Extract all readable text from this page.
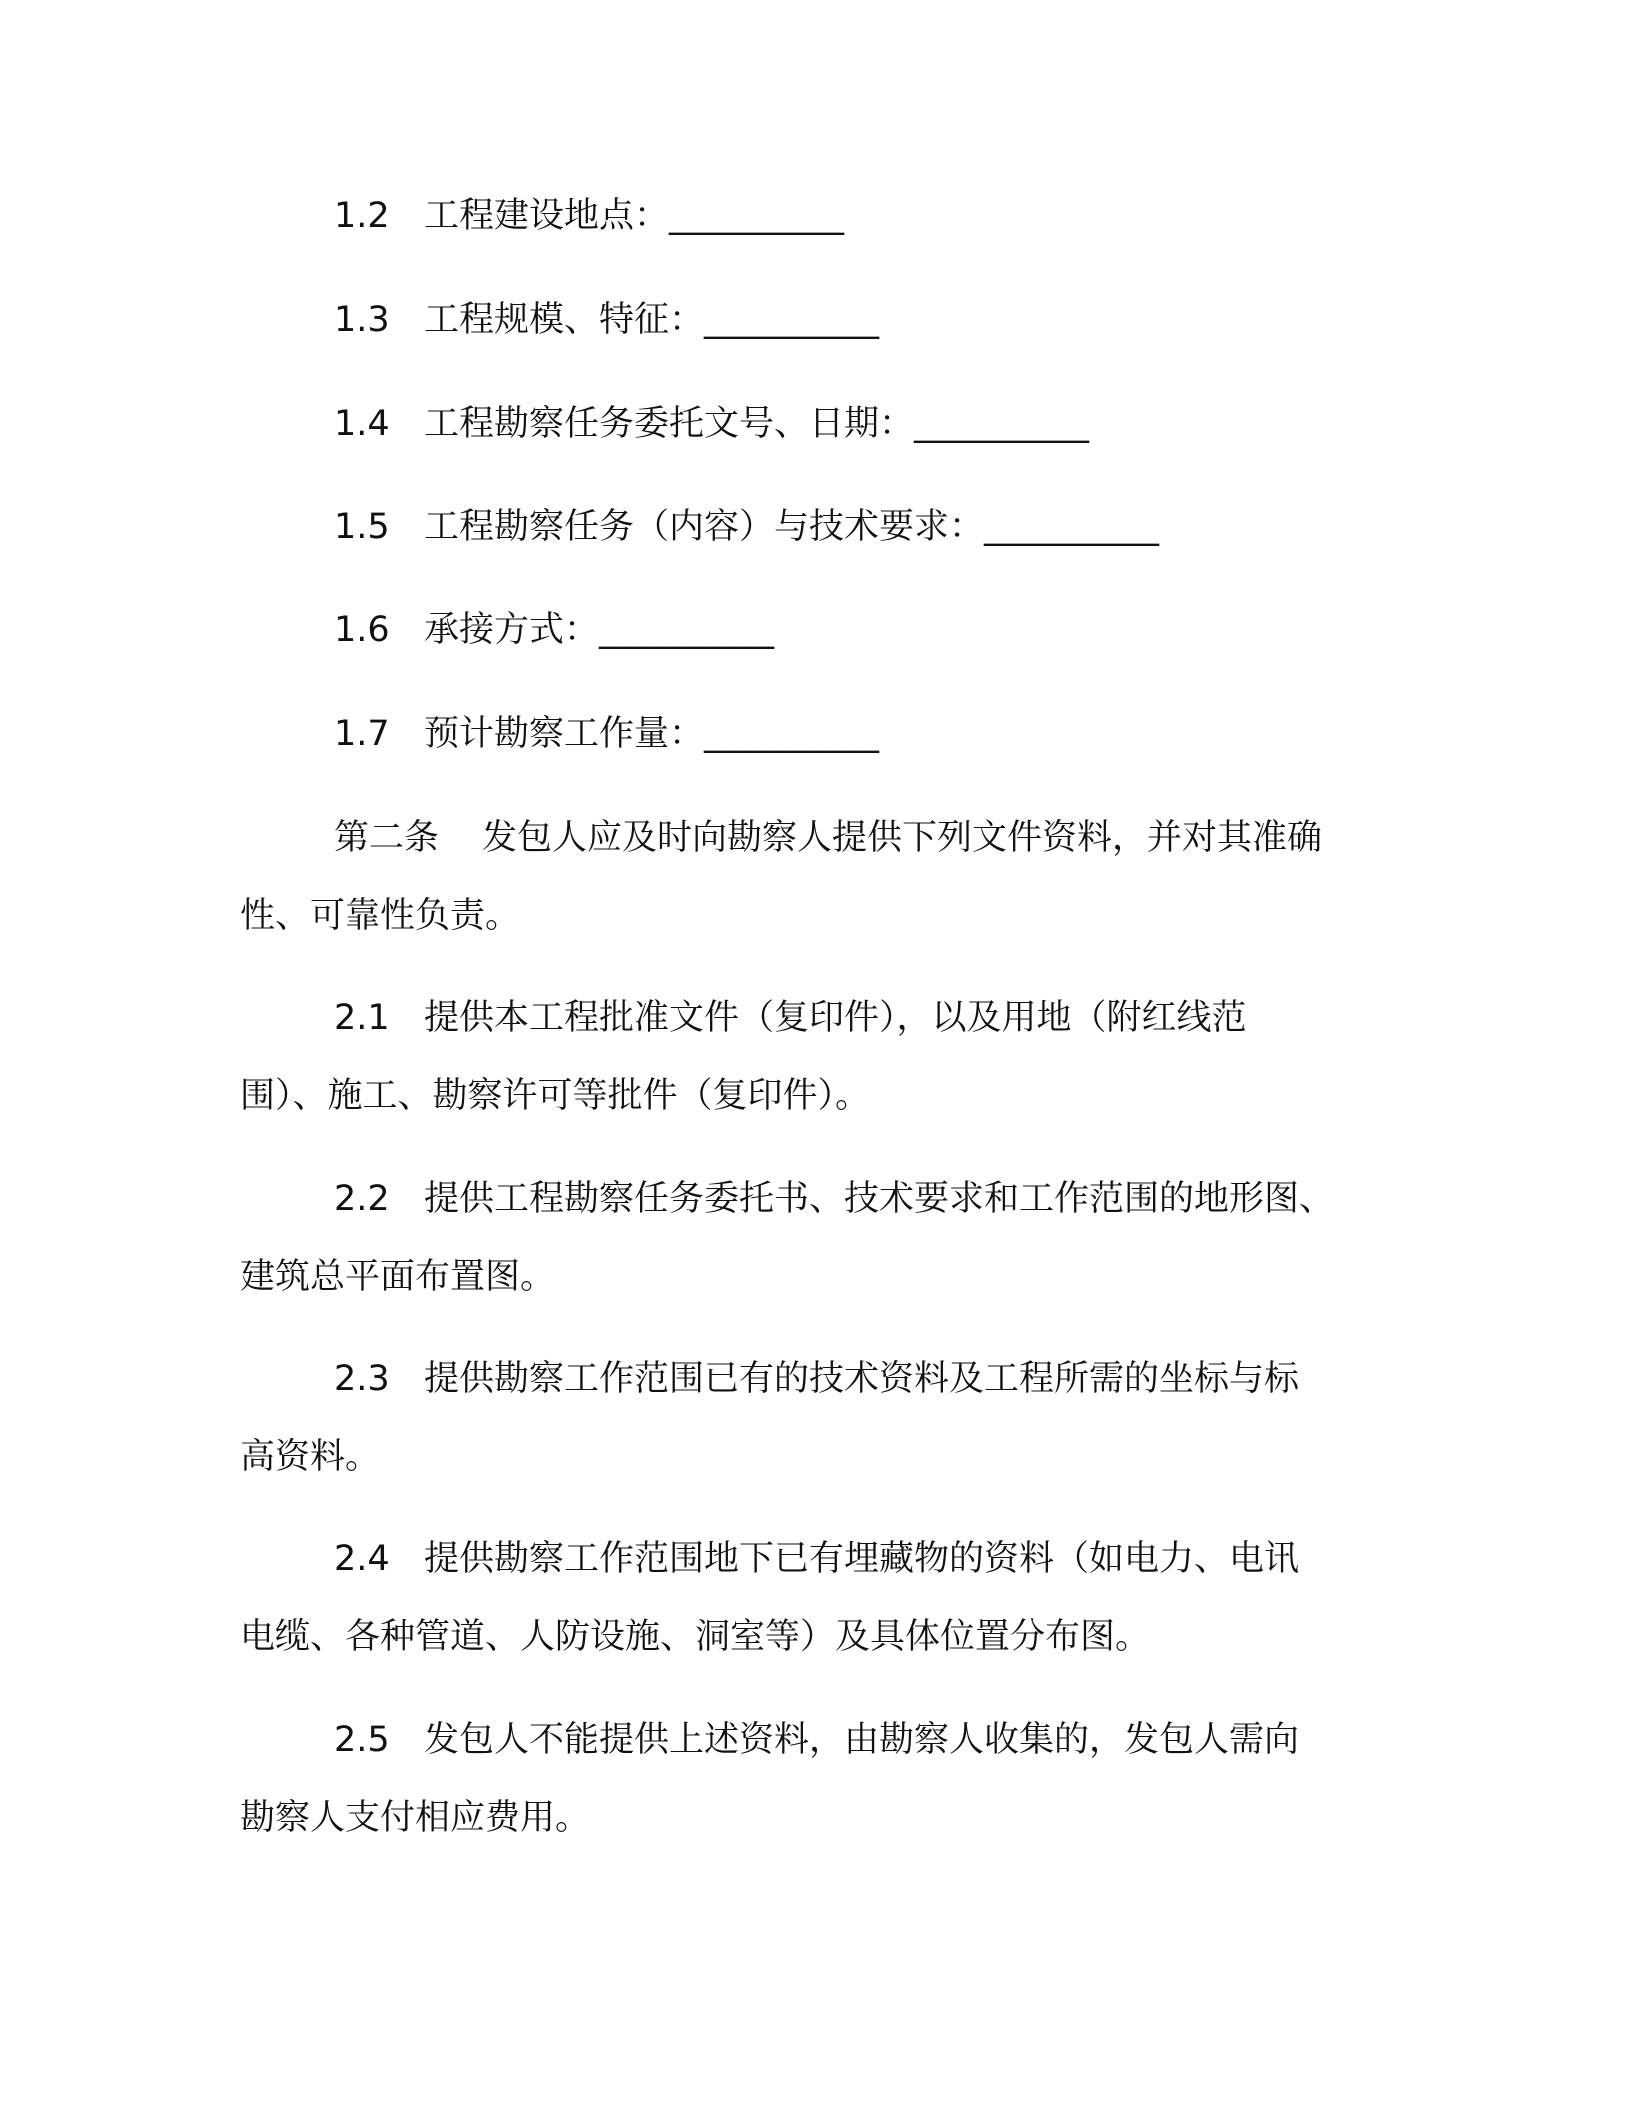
1.2 工程建设地点：__________
1.3 工程规模、特征：__________
1.4 工程勘察任务委托文号、日期：__________
1.5 工程勘察任务（内容）与技术要求：__________
1.6 承接方式：__________
1.7 预计勘察工作量：__________
第二条 发包人应及时向勘察人提供下列文件资料，并对其准确
性、可靠性负责。
2.1 提供本工程批准文件（复印件），以及用地（附红线范
围）、施工、勘察许可等批件（复印件）。
2.2 提供工程勘察任务委托书、技术要求和工作范围的地形图、
建筑总平面布置图。
2.3 提供勘察工作范围已有的技术资料及工程所需的坐标与标
高资料。
2.4 提供勘察工作范围地下已有埋藏物的资料（如电力、电讯
电缆、各种管道、人防设施、洞室等）及具体位置分布图。
2.5 发包人不能提供上述资料，由勘察人收集的，发包人需向
勘察人支付相应费用。
